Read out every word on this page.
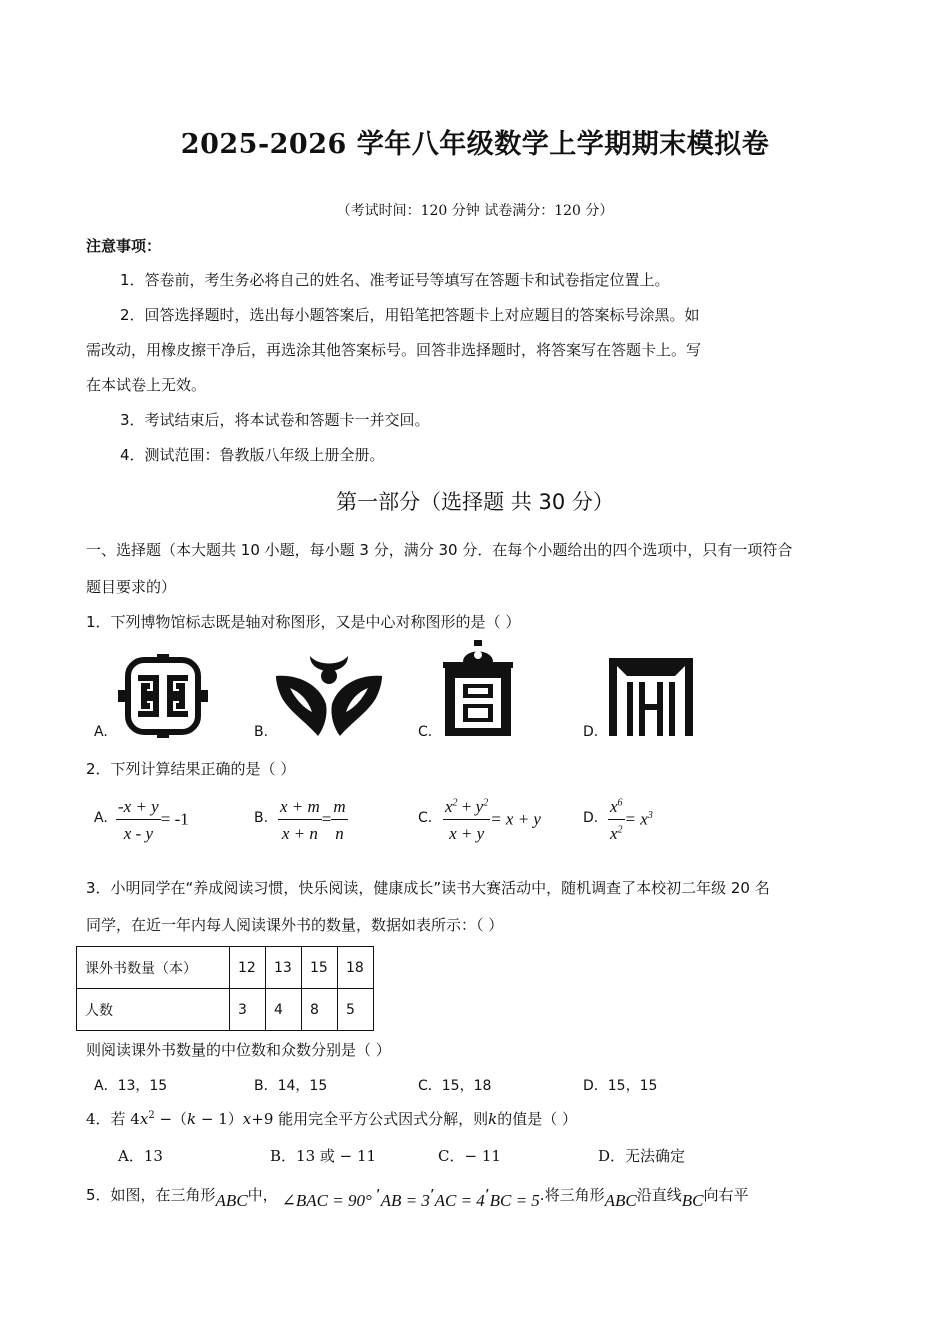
2025-2026 学年八年级数学上学期期末模拟卷
（考试时间：120 分钟 试卷满分：120 分）
注意事项：
1．答卷前，考生务必将自己的姓名、准考证号等填写在答题卡和试卷指定位置上。
2．回答选择题时，选出每小题答案后，用铅笔把答题卡上对应题目的答案标号涂黑。如
需改动，用橡皮擦干净后，再选涂其他答案标号。回答非选择题时，将答案写在答题卡上。写
在本试卷上无效。
3．考试结束后，将本试卷和答题卡一并交回。
4．测试范围：鲁教版八年级上册全册。
第一部分（选择题 共 30 分）
一、选择题（本大题共 10 小题，每小题 3 分，满分 30 分．在每个小题给出的四个选项中，只有一项符合
题目要求的）
1．下列博物馆标志既是轴对称图形，又是中心对称图形的是（ ）
A.	B.	C.	D.
2．下列计算结果正确的是（ ）
A. $\frac{-x + y}{x - y} = -1$	B. $\frac{x + m}{x + n} = \frac{m}{n}$	C. $\frac{x^2 + y^2}{x + y} = x + y$	D. $\frac{x^6}{x^2} = x^3$
3．小明同学在“养成阅读习惯，快乐阅读，健康成长”读书大赛活动中，随机调查了本校初二年级 20 名
同学，在近一年内每人阅读课外书的数量，数据如表所示：（ ）
课外书数量（本）	12	13	15	18
人数	3	4	8	5
则阅读课外书数量的中位数和众数分别是（ ）
A．13，15	B．14，15	C．15，18	D．15，15
4．若 $4x^2 -(k - 1)x+9$ 能用完全平方公式因式分解，则k的值是（ ）
A．13	B．13 或 − 11	C．− 11	D．无法确定
5．如图，在三角形ABC中， ∠BAC = 90° ’AB = 3’AC = 4’BC = 5.将三角形ABC沿直线BC向右平
